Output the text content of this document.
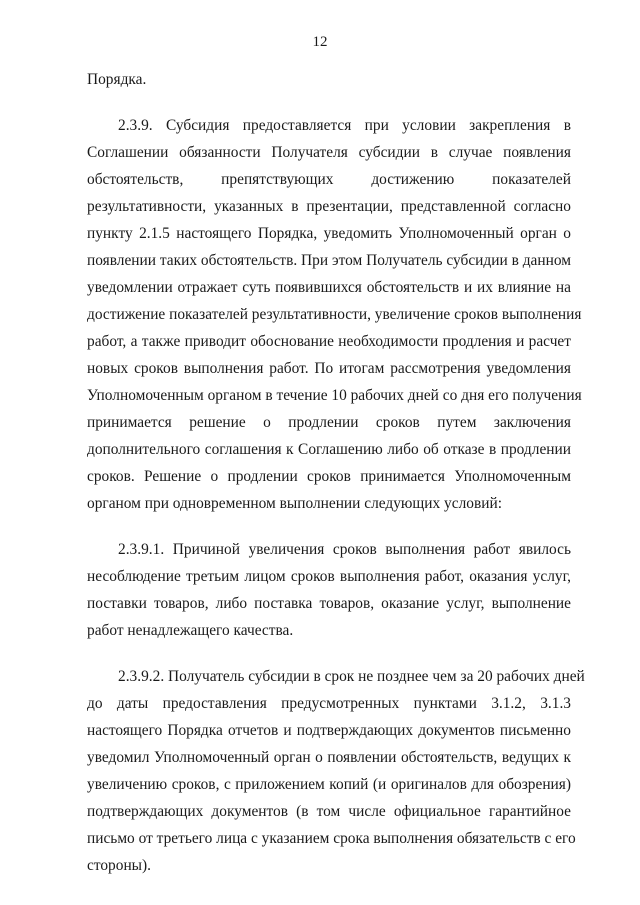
12
Порядка.
2.3.9. Субсидия предоставляется при условии закрепления в
Соглашении обязанности Получателя субсидии в случае появления
обстоятельств, препятствующих достижению показателей
результативности, указанных в презентации, представленной согласно
пункту 2.1.5 настоящего Порядка, уведомить Уполномоченный орган о
появлении таких обстоятельств. При этом Получатель субсидии в данном
уведомлении отражает суть появившихся обстоятельств и их влияние на
достижение показателей результативности, увеличение сроков выполнения
работ, а также приводит обоснование необходимости продления и расчет
новых сроков выполнения работ. По итогам рассмотрения уведомления
Уполномоченным органом в течение 10 рабочих дней со дня его получения
принимается решение о продлении сроков путем заключения
дополнительного соглашения к Соглашению либо об отказе в продлении
сроков. Решение о продлении сроков принимается Уполномоченным
органом при одновременном выполнении следующих условий:
2.3.9.1. Причиной увеличения сроков выполнения работ явилось
несоблюдение третьим лицом сроков выполнения работ, оказания услуг,
поставки товаров, либо поставка товаров, оказание услуг, выполнение
работ ненадлежащего качества.
2.3.9.2. Получатель субсидии в срок не позднее чем за 20 рабочих дней
до даты предоставления предусмотренных пунктами 3.1.2, 3.1.3
настоящего Порядка отчетов и подтверждающих документов письменно
уведомил Уполномоченный орган о появлении обстоятельств, ведущих к
увеличению сроков, с приложением копий (и оригиналов для обозрения)
подтверждающих документов (в том числе официальное гарантийное
письмо от третьего лица с указанием срока выполнения обязательств с его
стороны).
